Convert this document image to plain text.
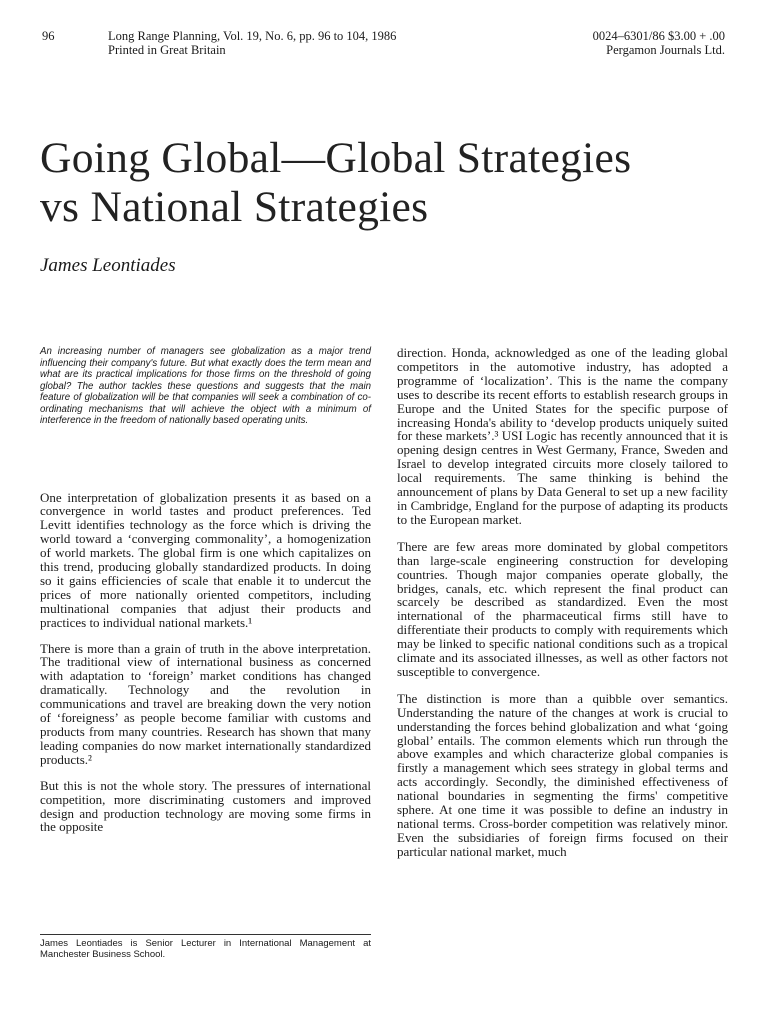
96	Long Range Planning, Vol. 19, No. 6, pp. 96 to 104, 1986
Printed in Great Britain
0024–6301/86 $3.00 + .00
Pergamon Journals Ltd.
Going Global—Global Strategies
vs National Strategies

James Leontiades

An increasing number of managers see globalization as a major trend influencing their company's future. But what exactly does the term mean and what are its practical implications for those firms on the threshold of going global? The author tackles these questions and suggests that the main feature of globalization will be that companies will seek a combination of co-ordinating mechanisms that will achieve the object with a minimum of interference in the freedom of nationally based operating units.

One interpretation of globalization presents it as based on a convergence in world tastes and product preferences. Ted Levitt identifies technology as the force which is driving the world toward a ‘converging commonality’, a homogenization of world markets. The global firm is one which capitalizes on this trend, producing globally standardized products. In doing so it gains efficiencies of scale that enable it to undercut the prices of more nationally oriented competitors, including multinational companies that adjust their products and practices to individual national markets.¹

There is more than a grain of truth in the above interpretation. The traditional view of international business as concerned with adaptation to ‘foreign’ market conditions has changed dramatically. Technology and the revolution in communications and travel are breaking down the very notion of ‘foreigness’ as people become familiar with customs and products from many countries. Research has shown that many leading companies do now market internationally standardized products.²

But this is not the whole story. The pressures of international competition, more discriminating customers and improved design and production technology are moving some firms in the opposite

direction. Honda, acknowledged as one of the leading global competitors in the automotive industry, has adopted a programme of ‘localization’. This is the name the company uses to describe its recent efforts to establish research groups in Europe and the United States for the specific purpose of increasing Honda's ability to ‘develop products uniquely suited for these markets’.³ USI Logic has recently announced that it is opening design centres in West Germany, France, Sweden and Israel to develop integrated circuits more closely tailored to local requirements. The same thinking is behind the announcement of plans by Data General to set up a new facility in Cambridge, England for the purpose of adapting its products to the European market.

There are few areas more dominated by global competitors than large-scale engineering construction for developing countries. Though major companies operate globally, the bridges, canals, etc. which represent the final product can scarcely be described as standardized. Even the most international of the pharmaceutical firms still have to differentiate their products to comply with requirements which may be linked to specific national conditions such as a tropical climate and its associated illnesses, as well as other factors not susceptible to convergence.

The distinction is more than a quibble over semantics. Understanding the nature of the changes at work is crucial to understanding the forces behind globalization and what ‘going global’ entails. The common elements which run through the above examples and which characterize global companies is firstly a management which sees strategy in global terms and acts accordingly. Secondly, the diminished effectiveness of national boundaries in segmenting the firms' competitive sphere. At one time it was possible to define an industry in national terms. Cross-border competition was relatively minor. Even the subsidiaries of foreign firms focused on their particular national market, much

James Leontiades is Senior Lecturer in International Management at Manchester Business School.
